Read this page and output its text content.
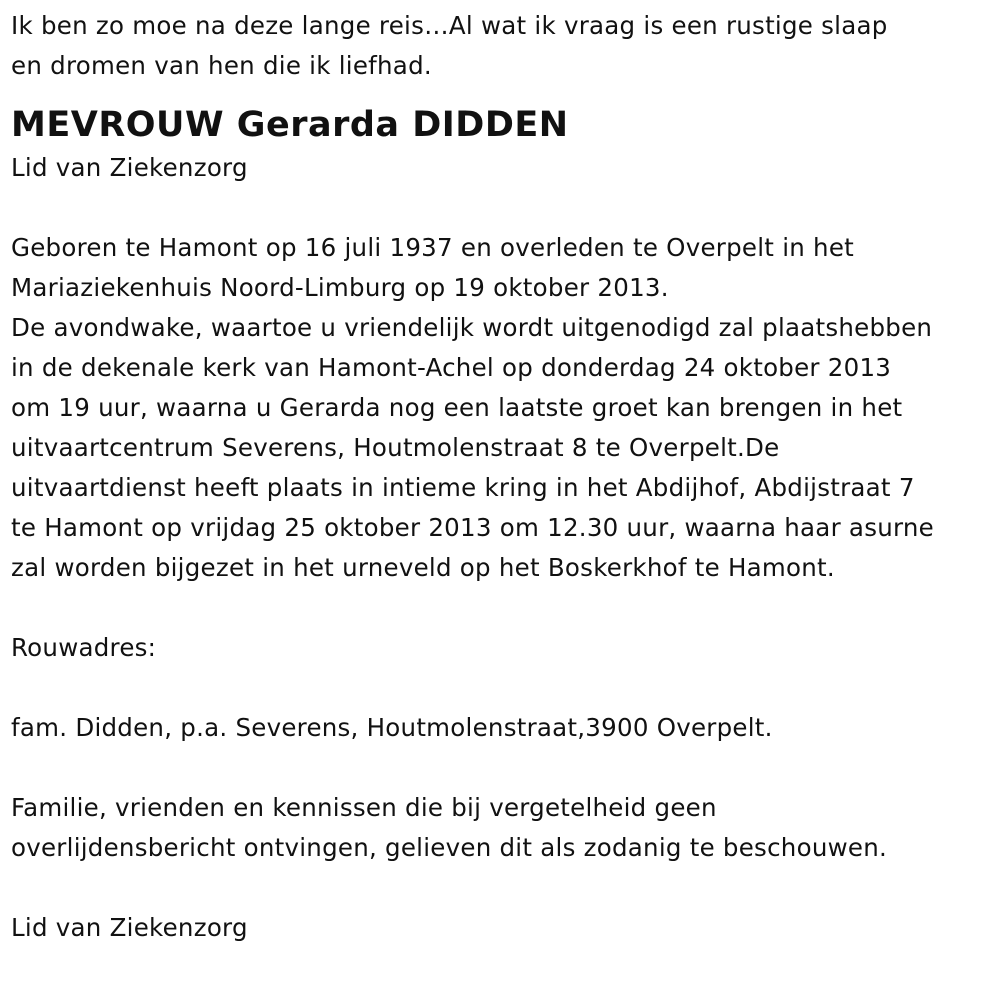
Ik ben zo moe na deze lange reis…Al wat ik vraag is een rustige slaap
en dromen van hen die ik liefhad.

MEVROUW Gerarda DIDDEN

Lid van Ziekenzorg

Geboren te Hamont op 16 juli 1937 en overleden te Overpelt in het
Mariaziekenhuis Noord-Limburg op 19 oktober 2013.
De avondwake, waartoe u vriendelijk wordt uitgenodigd zal plaatshebben
in de dekenale kerk van Hamont-Achel op donderdag 24 oktober 2013
om 19 uur, waarna u Gerarda nog een laatste groet kan brengen in het
uitvaartcentrum Severens, Houtmolenstraat 8 te Overpelt.De
uitvaartdienst heeft plaats in intieme kring in het Abdijhof, Abdijstraat 7
te Hamont op vrijdag 25 oktober 2013 om 12.30 uur, waarna haar asurne
zal worden bijgezet in het urneveld op het Boskerkhof te Hamont.

Rouwadres:

fam. Didden, p.a. Severens, Houtmolenstraat,3900 Overpelt.

Familie, vrienden en kennissen die bij vergetelheid geen
overlijdensbericht ontvingen, gelieven dit als zodanig te beschouwen.

Lid van Ziekenzorg
